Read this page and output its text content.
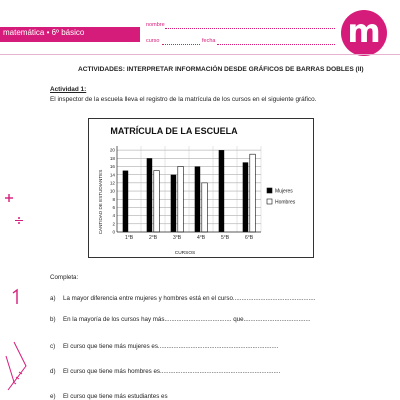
matemática • 6º básico
nombre
curso	fecha	m
ACTIVIDADES: INTERPRETAR INFORMACIÓN DESDE GRÁFICOS DE BARRAS DOBLES (II)
Actividad 1:
El inspector de la escuela lleva el registro de la matrícula de los cursos en el siguiente gráfico.
MATRÍCULA DE LA ESCUELA
CANTIDAD DE ESTUDIANTES
CURSOS
0
2
4
6
8
10
12
14
16
18
20
1°B	2°B	3°B	4°B	5°B	6°B
Mujeres
Hombres
Completa:
a) La mayor diferencia entre mujeres y hombres está en el curso................................................
b) En la mayoría de los cursos hay más....................................... que.......................................
c) El curso que tiene más mujeres es......................................................................
d) El curso que tiene más hombres es......................................................................
e) El curso que tiene más estudiantes es
